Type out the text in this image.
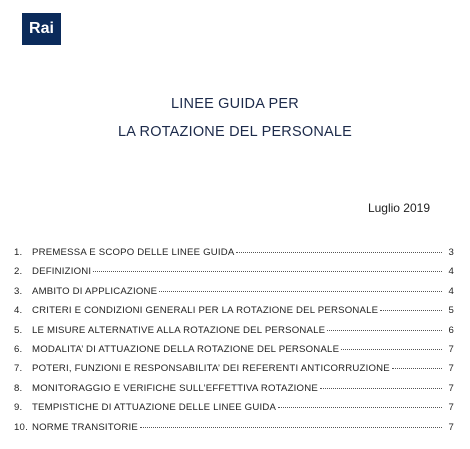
Rai
LINEE GUIDA PER
LA ROTAZIONE DEL PERSONALE
Luglio 2019
1. PREMESSA E SCOPO DELLE LINEE GUIDA	3
2. DEFINIZIONI	4
3. AMBITO DI APPLICAZIONE	4
4. CRITERI E CONDIZIONI GENERALI PER LA ROTAZIONE DEL PERSONALE	5
5. LE MISURE ALTERNATIVE ALLA ROTAZIONE DEL PERSONALE	6
6. MODALITA’ DI ATTUAZIONE DELLA ROTAZIONE DEL PERSONALE	7
7. POTERI, FUNZIONI E RESPONSABILITA’ DEI REFERENTI ANTICORRUZIONE	7
8. MONITORAGGIO E VERIFICHE SULL’EFFETTIVA ROTAZIONE	7
9. TEMPISTICHE DI ATTUAZIONE DELLE LINEE GUIDA	7
10. NORME TRANSITORIE	7
